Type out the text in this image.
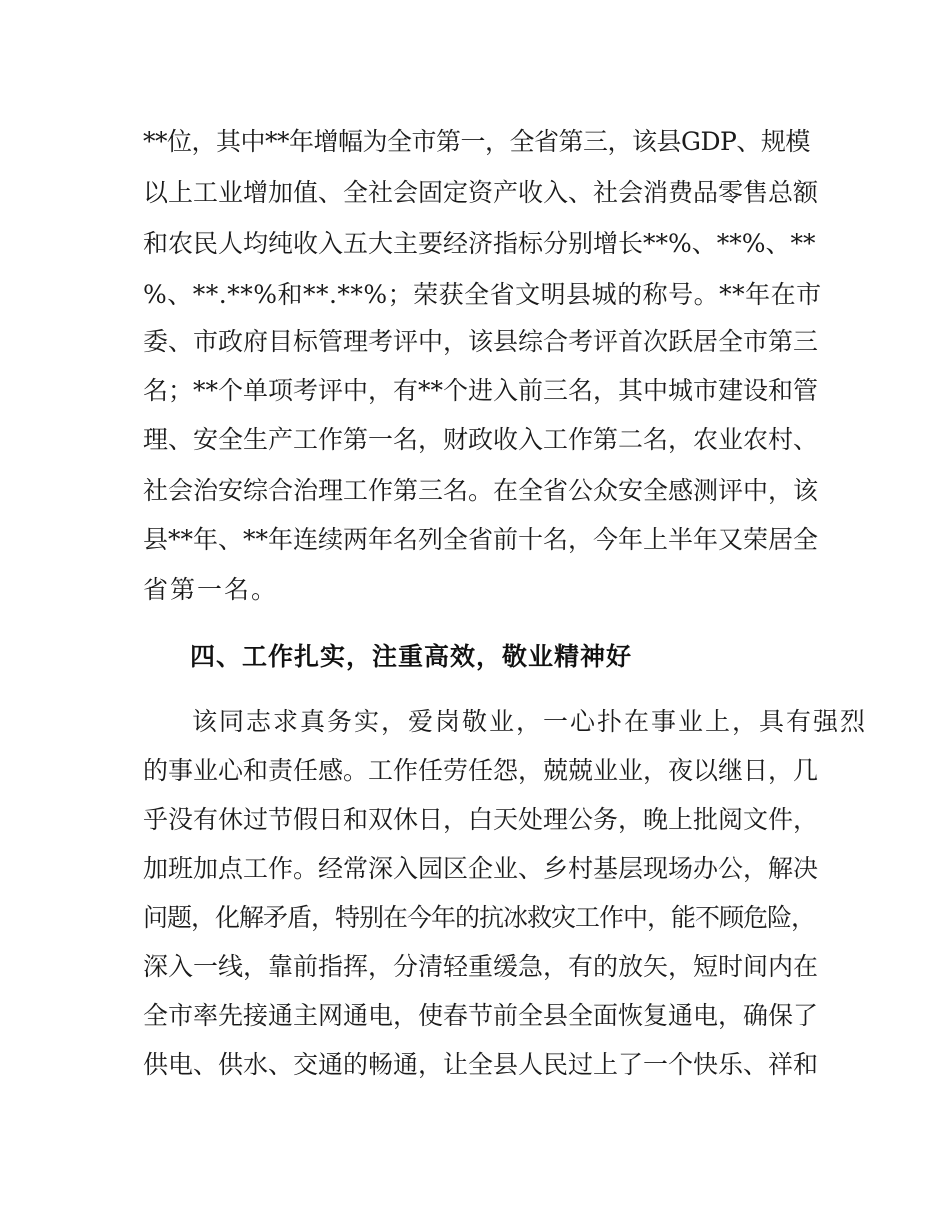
**位，其中**年增幅为全市第一，全省第三，该县GDP、规模
以上工业增加值、全社会固定资产收入、社会消费品零售总额
和农民人均纯收入五大主要经济指标分别增长**%、**%、**
%、**.**%和**.**%；荣获全省文明县城的称号。**年在市
委、市政府目标管理考评中，该县综合考评首次跃居全市第三
名；**个单项考评中，有**个进入前三名，其中城市建设和管
理、安全生产工作第一名，财政收入工作第二名，农业农村、
社会治安综合治理工作第三名。在全省公众安全感测评中，该
县**年、**年连续两年名列全省前十名，今年上半年又荣居全
省第一名。
四、工作扎实，注重高效，敬业精神好
该同志求真务实，爱岗敬业，一心扑在事业上，具有强烈
的事业心和责任感。工作任劳任怨，兢兢业业，夜以继日，几
乎没有休过节假日和双休日，白天处理公务，晚上批阅文件，
加班加点工作。经常深入园区企业、乡村基层现场办公，解决
问题，化解矛盾，特别在今年的抗冰救灾工作中，能不顾危险，
深入一线，靠前指挥，分清轻重缓急，有的放矢，短时间内在
全市率先接通主网通电，使春节前全县全面恢复通电，确保了
供电、供水、交通的畅通，让全县人民过上了一个快乐、祥和
